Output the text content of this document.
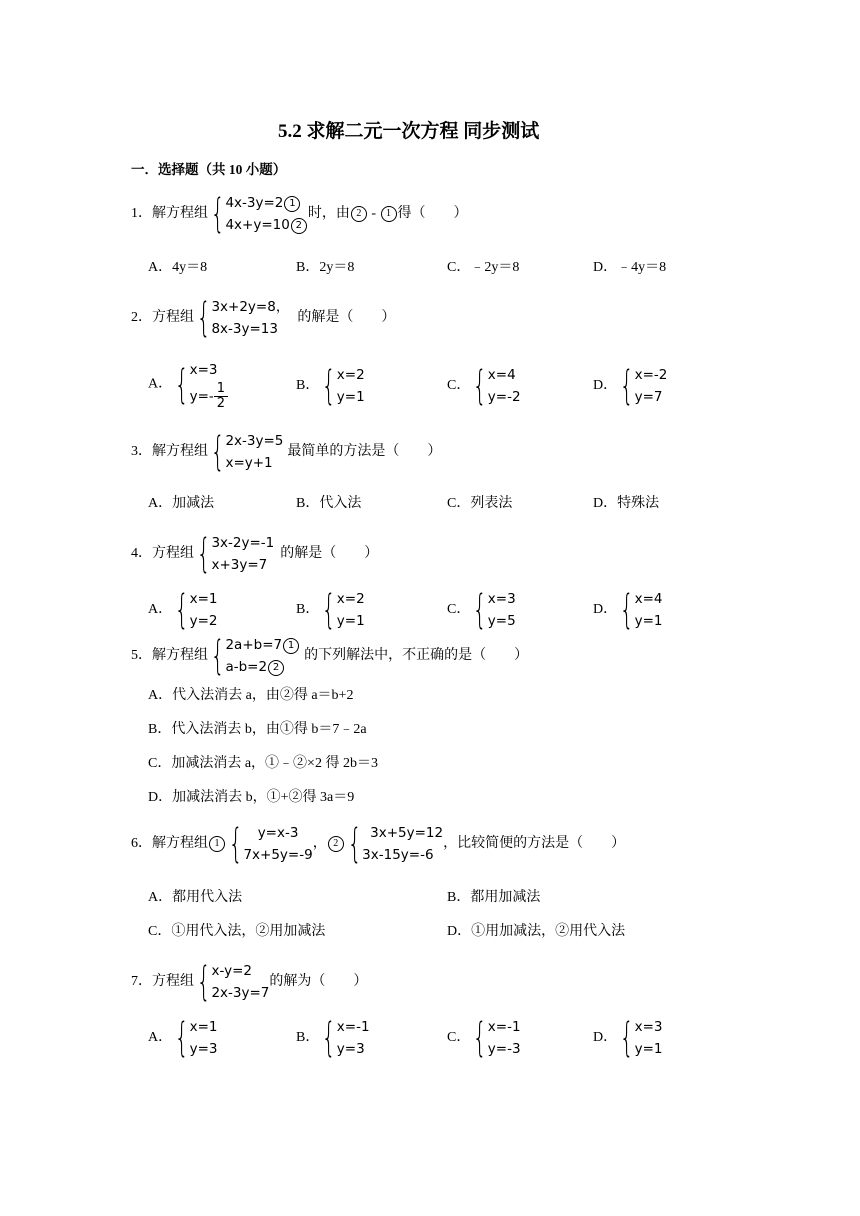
5.2 求解二元一次方程 同步测试
一．选择题（共 10 小题）
1．解方程组 { 4x-3y=2 1
4x+y=10 2
时，由 2 - 1 得（　　）
A．4y＝8	B．2y＝8	C．﹣2y＝8	D．﹣4y＝8
2．方程组 { 3x+2y=8，
8x-3y=13
的解是（　　）
A． { x=3
$y=- \frac{1}{2}$	B． { x=2
y=1
C． { x=4
y=-2
D． { x=-2
y=7
3．解方程组 { 2x-3y=5
x=y+1
最简单的方法是（　　）
A．加减法	B．代入法	C．列表法	D．特殊法
4．方程组 { 3x-2y=-1
x+3y=7
的解是（　　）
A． { x=1
y=2
B． { x=2
y=1
C． { x=3
y=5
D． { x=4
y=1
5．解方程组 { 2a+b=7 1
a-b=2 2
的下列解法中，不正确的是（　　）
A．代入法消去 a，由②得 a＝b+2
B．代入法消去 b，由①得 b＝7﹣2a
C．加减法消去 a，①﹣②×2 得 2b＝3
D．加减法消去 b，①+②得 3a＝9
6．解方程组 1 { y=x-3
7x+5y=-9
， 2 { 3x+5y=12
3x-15y=-6
，比较简便的方法是（　　）
A．都用代入法	B．都用加减法
C．①用代入法，②用加减法	D．①用加减法，②用代入法
7．方程组 { x-y=2
2x-3y=7
的解为（　　）
A． { x=1
y=3
B． { x=-1
y=3
C． { x=-1
y=-3
D． { x=3
y=1
